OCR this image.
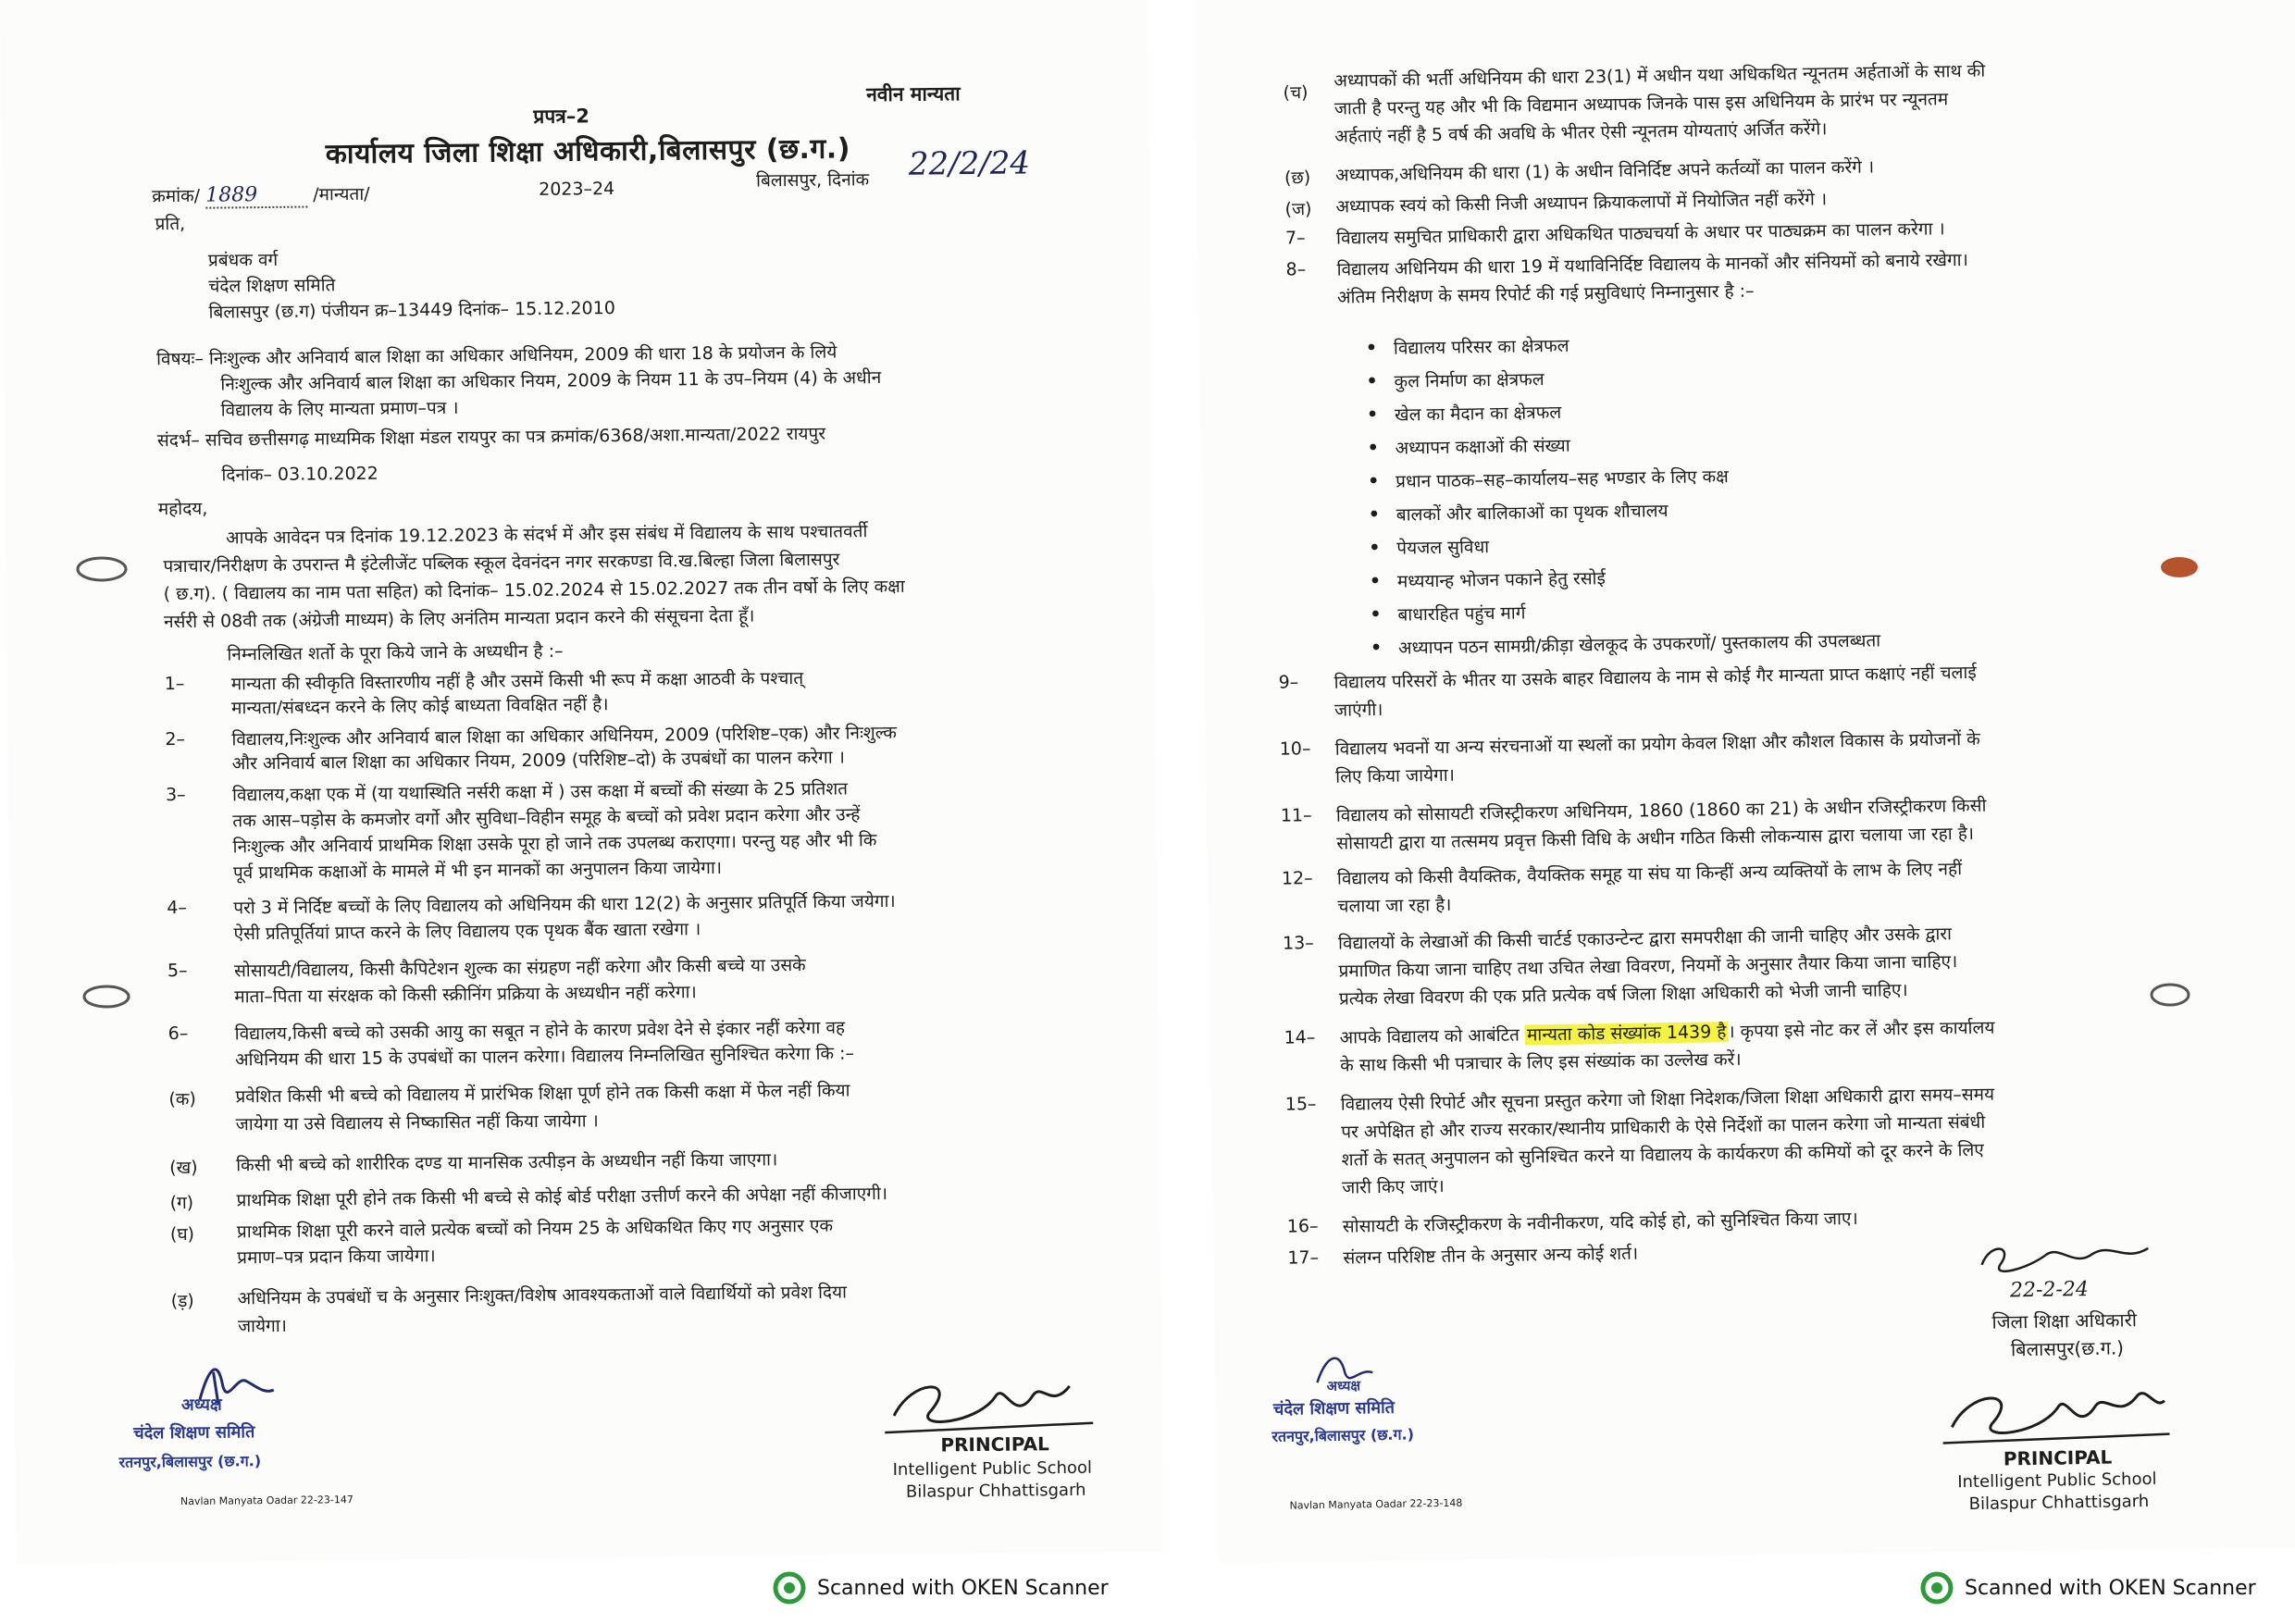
प्रपत्र–2
नवीन मान्यता
कार्यालय जिला शिक्षा अधिकारी,बिलासपुर (छ.ग.)
क्रमांक/ 1889	/मान्यता/	2023–24	बिलासपुर, दिनांक 22/2/24
प्रति,
प्रबंधक वर्ग
चंदेल शिक्षण समिति
बिलासपुर (छ.ग) पंजीयन क्र–13449 दिनांक– 15.12.2010
विषयः– निःशुल्क और अनिवार्य बाल शिक्षा का अधिकार अधिनियम, 2009 की धारा 18 के प्रयोजन के लिये
निःशुल्क और अनिवार्य बाल शिक्षा का अधिकार नियम, 2009 के नियम 11 के उप–नियम (4) के अधीन
विद्यालय के लिए मान्यता प्रमाण–पत्र ।
संदर्भ– सचिव छत्तीसगढ़ माध्यमिक शिक्षा मंडल रायपुर का पत्र क्रमांक/6368/अशा.मान्यता/2022 रायपुर
दिनांक– 03.10.2022
महोदय,
आपके आवेदन पत्र दिनांक 19.12.2023 के संदर्भ में और इस संबंध में विद्यालय के साथ पश्चातवर्ती
पत्राचार/निरीक्षण के उपरान्त मै इंटेलीजेंट पब्लिक स्कूल देवनंदन नगर सरकण्डा वि.ख.बिल्हा जिला बिलासपुर
( छ.ग). ( विद्यालय का नाम पता सहित) को दिनांक– 15.02.2024 से 15.02.2027 तक तीन वर्षो के लिए कक्षा
नर्सरी से 08वी तक (अंग्रेजी माध्यम) के लिए अनंतिम मान्यता प्रदान करने की संसूचना देता हूँ।
निम्नलिखित शर्तो के पूरा किये जाने के अध्यधीन है :–
1–	मान्यता की स्वीकृति विस्तारणीय नहीं है और उसमें किसी भी रूप में कक्षा आठवी के पश्चात्
मान्यता/संबध्दन करने के लिए कोई बाध्यता विवक्षित नहीं है।
2–	विद्यालय,निःशुल्क और अनिवार्य बाल शिक्षा का अधिकार अधिनियम, 2009 (परिशिष्ट–एक) और निःशुल्क
और अनिवार्य बाल शिक्षा का अधिकार नियम, 2009 (परिशिष्ट–दो) के उपबंधों का पालन करेगा ।
3–	विद्यालय,कक्षा एक में (या यथास्थिति नर्सरी कक्षा में ) उस कक्षा में बच्चों की संख्या के 25 प्रतिशत
तक आस–पड़ोस के कमजोर वर्गो और सुविधा–विहीन समूह के बच्चों को प्रवेश प्रदान करेगा और उन्हें
निःशुल्क और अनिवार्य प्राथमिक शिक्षा उसके पूरा हो जाने तक उपलब्ध कराएगा। परन्तु यह और भी कि
पूर्व प्राथमिक कक्षाओं के मामले में भी इन मानकों का अनुपालन किया जायेगा।
4–	परो 3 में निर्दिष्ट बच्चों के लिए विद्यालय को अधिनियम की धारा 12(2) के अनुसार प्रतिपूर्ति किया जयेगा।
ऐसी प्रतिपूर्तियां प्राप्त करने के लिए विद्यालय एक पृथक बैंक खाता रखेगा ।
5–	सोसायटी/विद्यालय, किसी कैपिटेशन शुल्क का संग्रहण नहीं करेगा और किसी बच्चे या उसके
माता–पिता या संरक्षक को किसी स्क्रीनिंग प्रक्रिया के अध्यधीन नहीं करेगा।
6–	विद्यालय,किसी बच्चे को उसकी आयु का सबूत न होने के कारण प्रवेश देने से इंकार नहीं करेगा वह
अधिनियम की धारा 15 के उपबंधों का पालन करेगा। विद्यालय निम्नलिखित सुनिश्चित करेगा कि :–
(क) प्रवेशित किसी भी बच्चे को विद्यालय में प्रारंभिक शिक्षा पूर्ण होने तक किसी कक्षा में फेल नहीं किया
जायेगा या उसे विद्यालय से निष्कासित नहीं किया जायेगा ।
(ख) किसी भी बच्चे को शारीरिक दण्ड या मानसिक उत्पीड़न के अध्यधीन नहीं किया जाएगा।
(ग) प्राथमिक शिक्षा पूरी होने तक किसी भी बच्चे से कोई बोर्ड परीक्षा उत्तीर्ण करने की अपेक्षा नहीं कीजाएगी।
(घ) प्राथमिक शिक्षा पूरी करने वाले प्रत्येक बच्चों को नियम 25 के अधिकथित किए गए अनुसार एक
प्रमाण–पत्र प्रदान किया जायेगा।
(ड़) अधिनियम के उपबंधों च के अनुसार निःशुक्त/विशेष आवश्यकताओं वाले विद्यार्थियों को प्रवेश दिया
जायेगा।
अध्यक्ष
चंदेल शिक्षण समिति
रतनपुर,बिलासपुर (छ.ग.)
Navlan Manyata Oadar 22-23-147
PRINCIPAL
Intelligent Public School
Bilaspur Chhattisgarh
(च)
अध्यापकों की भर्ती अधिनियम की धारा 23(1) में अधीन यथा अधिकथित न्यूनतम अर्हताओं के साथ की
जाती है परन्तु यह और भी कि विद्यमान अध्यापक जिनके पास इस अधिनियम के प्रारंभ पर न्यूनतम
अर्हताएं नहीं है 5 वर्ष की अवधि के भीतर ऐसी न्यूनतम योग्यताएं अर्जित करेंगे।
(छ) अध्यापक,अधिनियम की धारा (1) के अधीन विनिर्दिष्ट अपने कर्तव्यों का पालन करेंगे ।
(ज) अध्यापक स्वयं को किसी निजी अध्यापन क्रियाकलापों में नियोजित नहीं करेंगे ।
7– विद्यालय समुचित प्राधिकारी द्वारा अधिकथित पाठ्यचर्या के अधार पर पाठ्यक्रम का पालन करेगा ।
8– विद्यालय अधिनियम की धारा 19 में यथाविनिर्दिष्ट विद्यालय के मानकों और संनियमों को बनाये रखेगा।
अंतिम निरीक्षण के समय रिपोर्ट की गई प्रसुविधाएं निम्नानुसार है :–
• विद्यालय परिसर का क्षेत्रफल
• कुल निर्माण का क्षेत्रफल
• खेल का मैदान का क्षेत्रफल
• अध्यापन कक्षाओं की संख्या
• प्रधान पाठक–सह–कार्यालय–सह भण्डार के लिए कक्ष
• बालकों और बालिकाओं का पृथक शौचालय
• पेयजल सुविधा
• मध्ययान्ह भोजन पकाने हेतु रसोई
• बाधारहित पहुंच मार्ग
• अध्यापन पठन सामग्री/क्रीड़ा खेलकूद के उपकरणों/ पुस्तकालय की उपलब्धता
9– विद्यालय परिसरों के भीतर या उसके बाहर विद्यालय के नाम से कोई गैर मान्यता प्राप्त कक्षाएं नहीं चलाई
जाएंगी।
10– विद्यालय भवनों या अन्य संरचनाओं या स्थलों का प्रयोग केवल शिक्षा और कौशल विकास के प्रयोजनों के
लिए किया जायेगा।
11– विद्यालय को सोसायटी रजिस्ट्रीकरण अधिनियम, 1860 (1860 का 21) के अधीन रजिस्ट्रीकरण किसी
सोसायटी द्वारा या तत्समय प्रवृत्त किसी विधि के अधीन गठित किसी लोकन्यास द्वारा चलाया जा रहा है।
12– विद्यालय को किसी वैयक्तिक, वैयक्तिक समूह या संघ या किन्हीं अन्य व्यक्तियों के लाभ के लिए नहीं
चलाया जा रहा है।
13– विद्यालयों के लेखाओं की किसी चार्टर्ड एकाउन्टेन्ट द्वारा समपरीक्षा की जानी चाहिए और उसके द्वारा
प्रमाणित किया जाना चाहिए तथा उचित लेखा विवरण, नियमों के अनुसार तैयार किया जाना चाहिए।
प्रत्येक लेखा विवरण की एक प्रति प्रत्येक वर्ष जिला शिक्षा अधिकारी को भेजी जानी चाहिए।
14– आपके विद्यालय को आबंटित मान्यता कोड संख्यांक 1439 है। कृपया इसे नोट कर लें और इस कार्यालय
के साथ किसी भी पत्राचार के लिए इस संख्यांक का उल्लेख करें।
15– विद्यालय ऐसी रिपोर्ट और सूचना प्रस्तुत करेगा जो शिक्षा निदेशक/जिला शिक्षा अधिकारी द्वारा समय–समय
पर अपेक्षित हो और राज्य सरकार/स्थानीय प्राधिकारी के ऐसे निर्देशों का पालन करेगा जो मान्यता संबंधी
शर्तो के सतत् अनुपालन को सुनिश्चित करने या विद्यालय के कार्यकरण की कमियों को दूर करने के लिए
जारी किए जाएं।
16– सोसायटी के रजिस्ट्रीकरण के नवीनीकरण, यदि कोई हो, को सुनिश्चित किया जाए।
17– संलग्न परिशिष्ट तीन के अनुसार अन्य कोई शर्त।
22-2-24
जिला शिक्षा अधिकारी
बिलासपुर(छ.ग.)
अध्यक्ष
चंदेल शिक्षण समिति
रतनपुर,बिलासपुर (छ.ग.)
Navlan Manyata Oadar 22-23-148
PRINCIPAL
Intelligent Public School
Bilaspur Chhattisgarh
Scanned with OKEN Scanner	Scanned with OKEN Scanner
